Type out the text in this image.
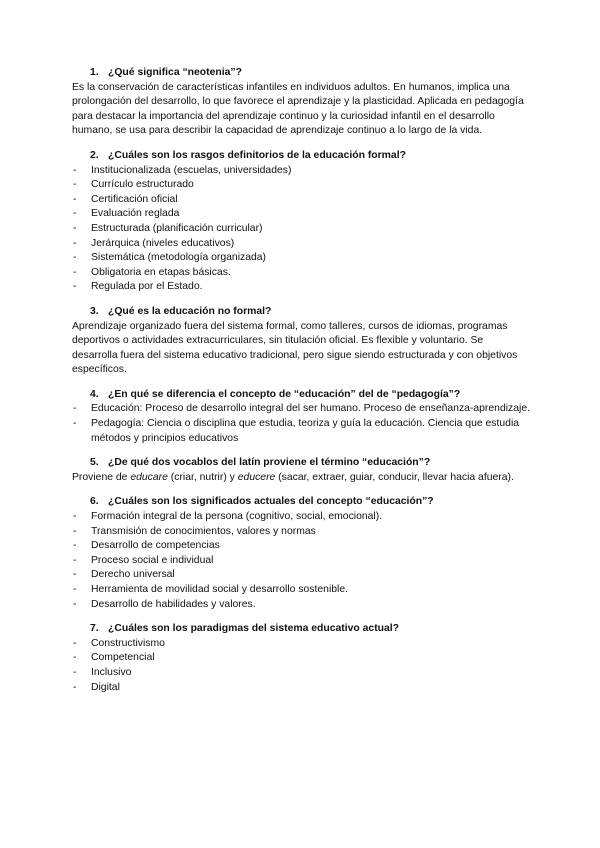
1. ¿Qué significa “neotenia”?

Es la conservación de características infantiles en individuos adultos. En humanos, implica una prolongación del desarrollo, lo que favorece el aprendizaje y la plasticidad. Aplicada en pedagogía para destacar la importancia del aprendizaje continuo y la curiosidad infantil en el desarrollo humano, se usa para describir la capacidad de aprendizaje continuo a lo largo de la vida.

2. ¿Cuáles son los rasgos definitorios de la educación formal?

- Institucionalizada (escuelas, universidades)
- Currículo estructurado
- Certificación oficial
- Evaluación reglada
- Estructurada (planificación curricular)
- Jerárquica (niveles educativos)
- Sistemática (metodología organizada)
- Obligatoria en etapas básicas.
- Regulada por el Estado.

3. ¿Qué es la educación no formal?

Aprendizaje organizado fuera del sistema formal, como talleres, cursos de idiomas, programas deportivos o actividades extracurriculares, sin titulación oficial. Es flexible y voluntario. Se desarrolla fuera del sistema educativo tradicional, pero sigue siendo estructurada y con objetivos específicos.

4. ¿En qué se diferencia el concepto de “educación” del de “pedagogía”?

- Educación: Proceso de desarrollo integral del ser humano. Proceso de enseñanza-aprendizaje.
- Pedagogía: Ciencia o disciplina que estudia, teoriza y guía la educación. Ciencia que estudia métodos y principios educativos

5. ¿De qué dos vocablos del latín proviene el término “educación”?

Proviene de educare (criar, nutrir) y educere (sacar, extraer, guiar, conducir, llevar hacia afuera).

6. ¿Cuáles son los significados actuales del concepto “educación”?

- Formación integral de la persona (cognitivo, social, emocional).
- Transmisión de conocimientos, valores y normas
- Desarrollo de competencias
- Proceso social e individual
- Derecho universal
- Herramienta de movilidad social y desarrollo sostenible.
- Desarrollo de habilidades y valores.

7. ¿Cuáles son los paradigmas del sistema educativo actual?

- Constructivismo
- Competencial
- Inclusivo
- Digital
